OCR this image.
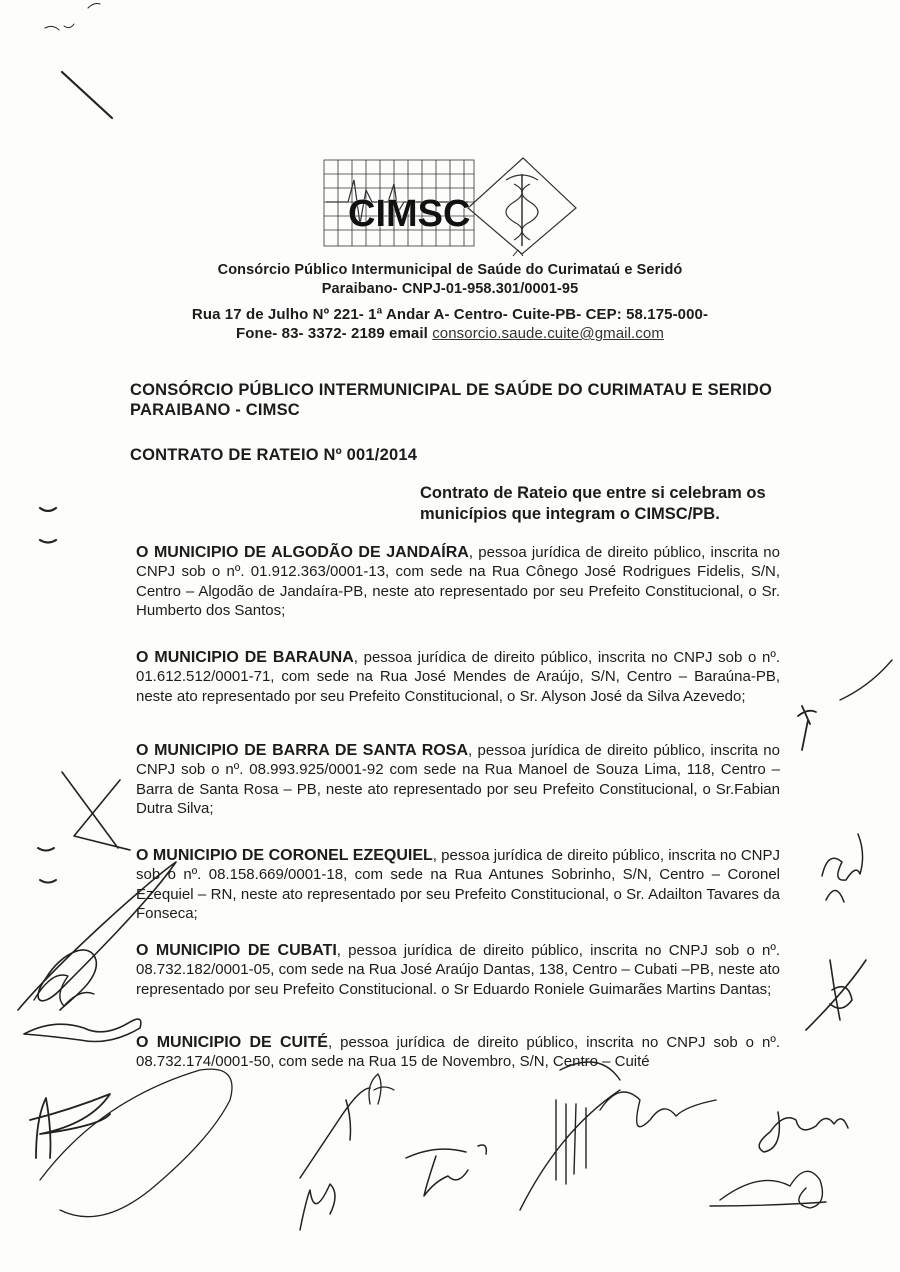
CIMSC
Consórcio Público Intermunicipal de Saúde do Curimataú e Seridó
Paraibano- CNPJ-01-958.301/0001-95
Rua 17 de Julho Nº 221- 1ª Andar A- Centro- Cuite-PB- CEP: 58.175-000-
Fone- 83- 3372- 2189 email consorcio.saude.cuite@gmail.com
CONSÓRCIO PÚBLICO INTERMUNICIPAL DE SAÚDE DO CURIMATAU E SERIDO PARAIBANO - CIMSC
CONTRATO DE RATEIO Nº 001/2014
Contrato de Rateio que entre si celebram os municípios que integram o CIMSC/PB.
O MUNICIPIO DE ALGODÃO DE JANDAÍRA, pessoa jurídica de direito público, inscrita no CNPJ sob o nº. 01.912.363/0001-13, com sede na Rua Cônego José Rodrigues Fidelis, S/N, Centro – Algodão de Jandaíra-PB, neste ato representado por seu Prefeito Constitucional, o Sr. Humberto dos Santos;
O MUNICIPIO DE BARAUNA, pessoa jurídica de direito público, inscrita no CNPJ sob o nº. 01.612.512/0001-71, com sede na Rua José Mendes de Araújo, S/N, Centro – Baraúna-PB, neste ato representado por seu Prefeito Constitucional, o Sr. Alyson José da Silva Azevedo;
O MUNICIPIO DE BARRA DE SANTA ROSA, pessoa jurídica de direito público, inscrita no CNPJ sob o nº. 08.993.925/0001-92 com sede na Rua Manoel de Souza Lima, 118, Centro – Barra de Santa Rosa – PB, neste ato representado por seu Prefeito Constitucional, o Sr.Fabian Dutra Silva;
O MUNICIPIO DE CORONEL EZEQUIEL, pessoa jurídica de direito público, inscrita no CNPJ sob o nº. 08.158.669/0001-18, com sede na Rua Antunes Sobrinho, S/N, Centro – Coronel Ezequiel – RN, neste ato representado por seu Prefeito Constitucional, o Sr. Adailton Tavares da Fonseca;
O MUNICIPIO DE CUBATI, pessoa jurídica de direito público, inscrita no CNPJ sob o nº. 08.732.182/0001-05, com sede na Rua José Araújo Dantas, 138, Centro – Cubati –PB, neste ato representado por seu Prefeito Constitucional. o Sr Eduardo Roniele Guimarães Martins Dantas;
O MUNICIPIO DE CUITÉ, pessoa jurídica de direito público, inscrita no CNPJ sob o nº. 08.732.174/0001-50, com sede na Rua 15 de Novembro, S/N, Centro – Cuité
